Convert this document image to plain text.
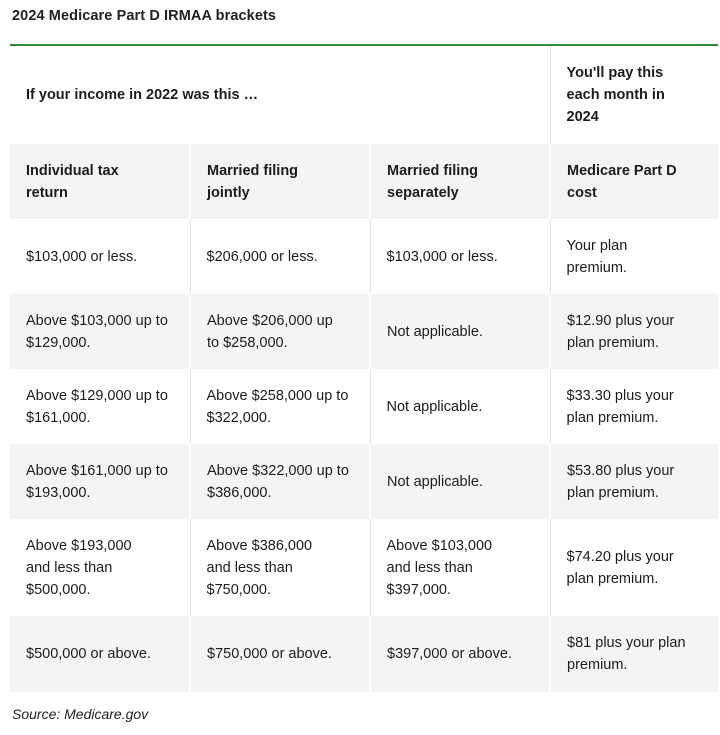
2024 Medicare Part D IRMAA brackets
If your income in 2022 was this …			You'll pay this each month in 2024

Individual tax return	Married filing jointly	Married filing separately	Medicare Part D cost

$103,000 or less.	$206,000 or less.	$103,000 or less.	Your plan premium.

Above $103,000 up to $129,000.	Above $206,000 up to $258,000.	Not applicable.	$12.90 plus your plan premium.

Above $129,000 up to $161,000.	Above $258,000 up to $322,000.	Not applicable.	$33.30 plus your plan premium.

Above $161,000 up to $193,000.	Above $322,000 up to $386,000.	Not applicable.	$53.80 plus your plan premium.

Above $193,000 and less than $500,000.	Above $386,000 and less than $750,000.	Above $103,000 and less than $397,000.	$74.20 plus your plan premium.

$500,000 or above.	$750,000 or above.	$397,000 or above.	$81 plus your plan premium.
Source: Medicare.gov
